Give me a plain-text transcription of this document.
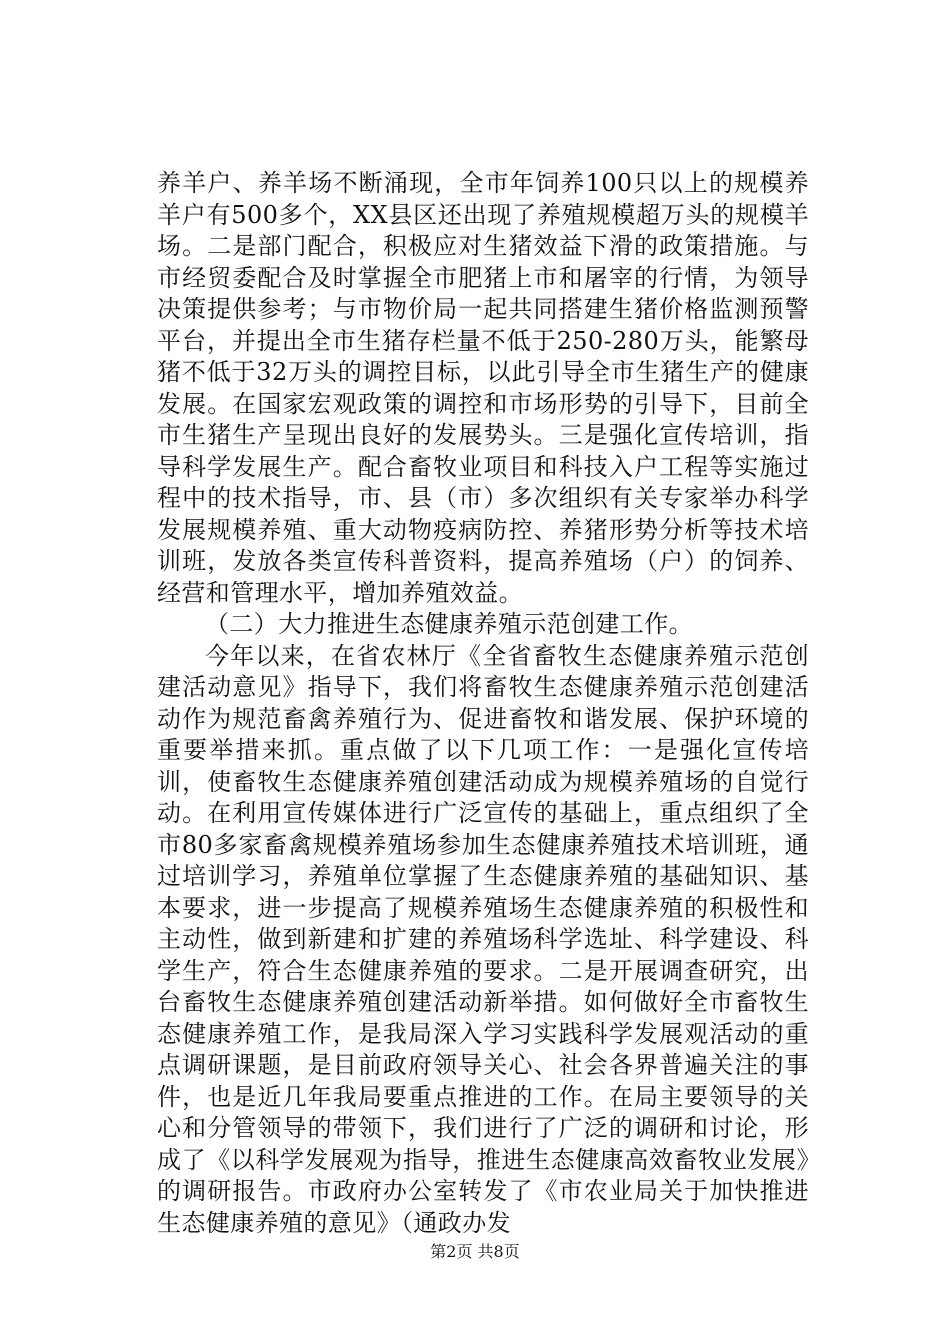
养羊户、养羊场不断涌现，全市年饲养100只以上的规模养羊户有500多个，XX县区还出现了养殖规模超万头的规模羊场。二是部门配合，积极应对生猪效益下滑的政策措施。与市经贸委配合及时掌握全市肥猪上市和屠宰的行情，为领导决策提供参考；与市物价局一起共同搭建生猪价格监测预警平台，并提出全市生猪存栏量不低于250-280万头，能繁母猪不低于32万头的调控目标，以此引导全市生猪生产的健康发展。在国家宏观政策的调控和市场形势的引导下，目前全市生猪生产呈现出良好的发展势头。三是强化宣传培训，指导科学发展生产。配合畜牧业项目和科技入户工程等实施过程中的技术指导，市、县（市）多次组织有关专家举办科学发展规模养殖、重大动物疫病防控、养猪形势分析等技术培训班，发放各类宣传科普资料，提高养殖场（户）的饲养、经营和管理水平，增加养殖效益。

（二）大力推进生态健康养殖示范创建工作。

今年以来，在省农林厅《全省畜牧生态健康养殖示范创建活动意见》指导下，我们将畜牧生态健康养殖示范创建活动作为规范畜禽养殖行为、促进畜牧和谐发展、保护环境的重要举措来抓。重点做了以下几项工作：一是强化宣传培训，使畜牧生态健康养殖创建活动成为规模养殖场的自觉行动。在利用宣传媒体进行广泛宣传的基础上，重点组织了全市80多家畜禽规模养殖场参加生态健康养殖技术培训班，通过培训学习，养殖单位掌握了生态健康养殖的基础知识、基本要求，进一步提高了规模养殖场生态健康养殖的积极性和主动性，做到新建和扩建的养殖场科学选址、科学建设、科学生产，符合生态健康养殖的要求。二是开展调查研究，出台畜牧生态健康养殖创建活动新举措。如何做好全市畜牧生态健康养殖工作，是我局深入学习实践科学发展观活动的重点调研课题，是目前政府领导关心、社会各界普遍关注的事件，也是近几年我局要重点推进的工作。在局主要领导的关心和分管领导的带领下，我们进行了广泛的调研和讨论，形成了《以科学发展观为指导，推进生态健康高效畜牧业发展》的调研报告。市政府办公室转发了《市农业局关于加快推进生态健康养殖的意见》（通政办发

第2页 共8页
